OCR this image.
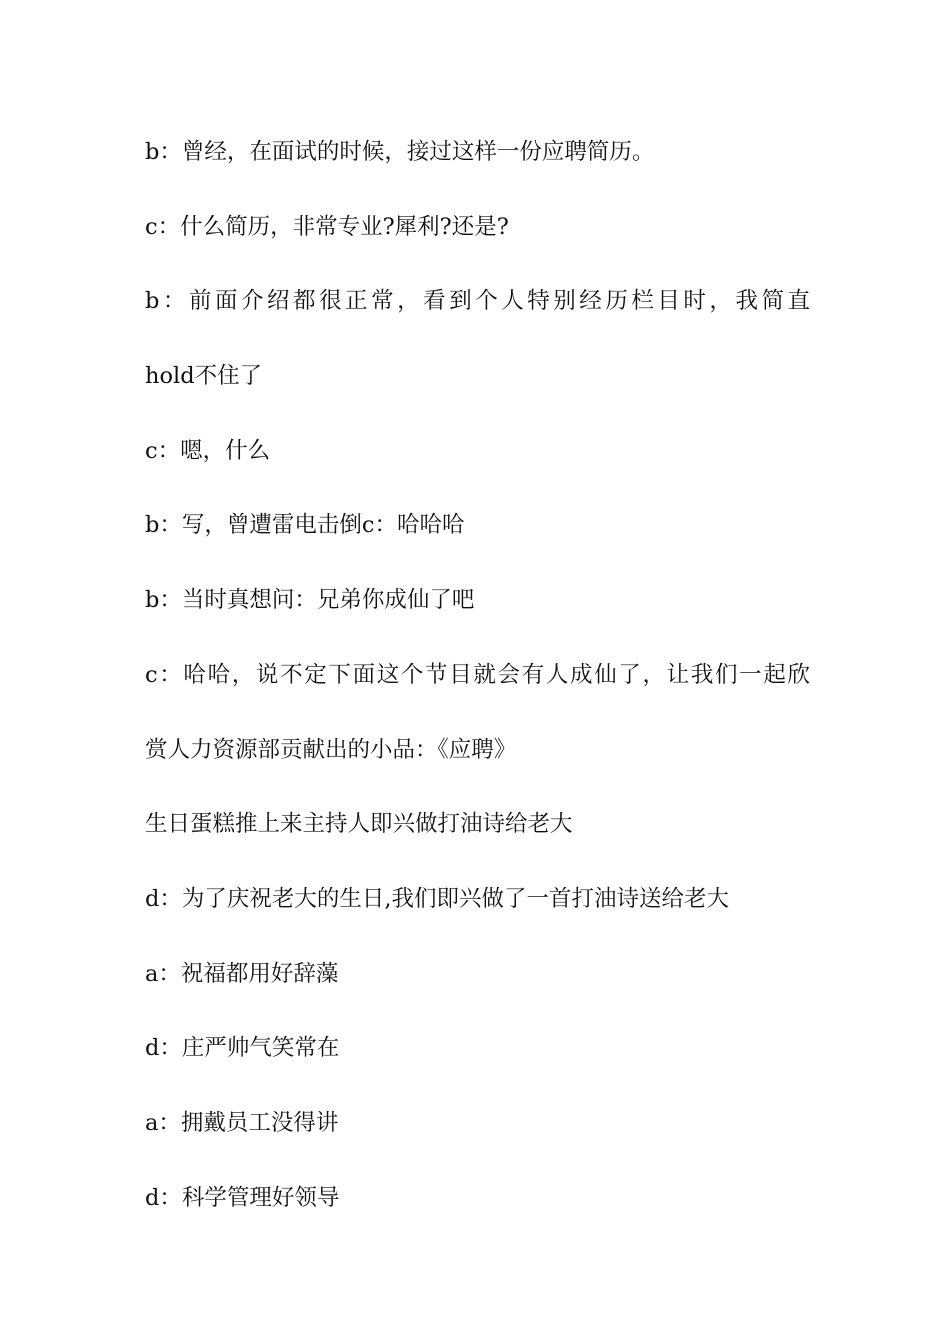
b：曾经，在面试的时候，接过这样一份应聘简历。
c：什么简历，非常专业?犀利?还是?
b：前面介绍都很正常，看到个人特别经历栏目时，我简直
hold不住了
c：嗯，什么
b：写，曾遭雷电击倒c：哈哈哈
b：当时真想问：兄弟你成仙了吧
c：哈哈，说不定下面这个节目就会有人成仙了，让我们一起欣
赏人力资源部贡献出的小品：《应聘》
生日蛋糕推上来主持人即兴做打油诗给老大
d：为了庆祝老大的生日,我们即兴做了一首打油诗送给老大
a：祝福都用好辞藻
d：庄严帅气笑常在
a：拥戴员工没得讲
d：科学管理好领导
